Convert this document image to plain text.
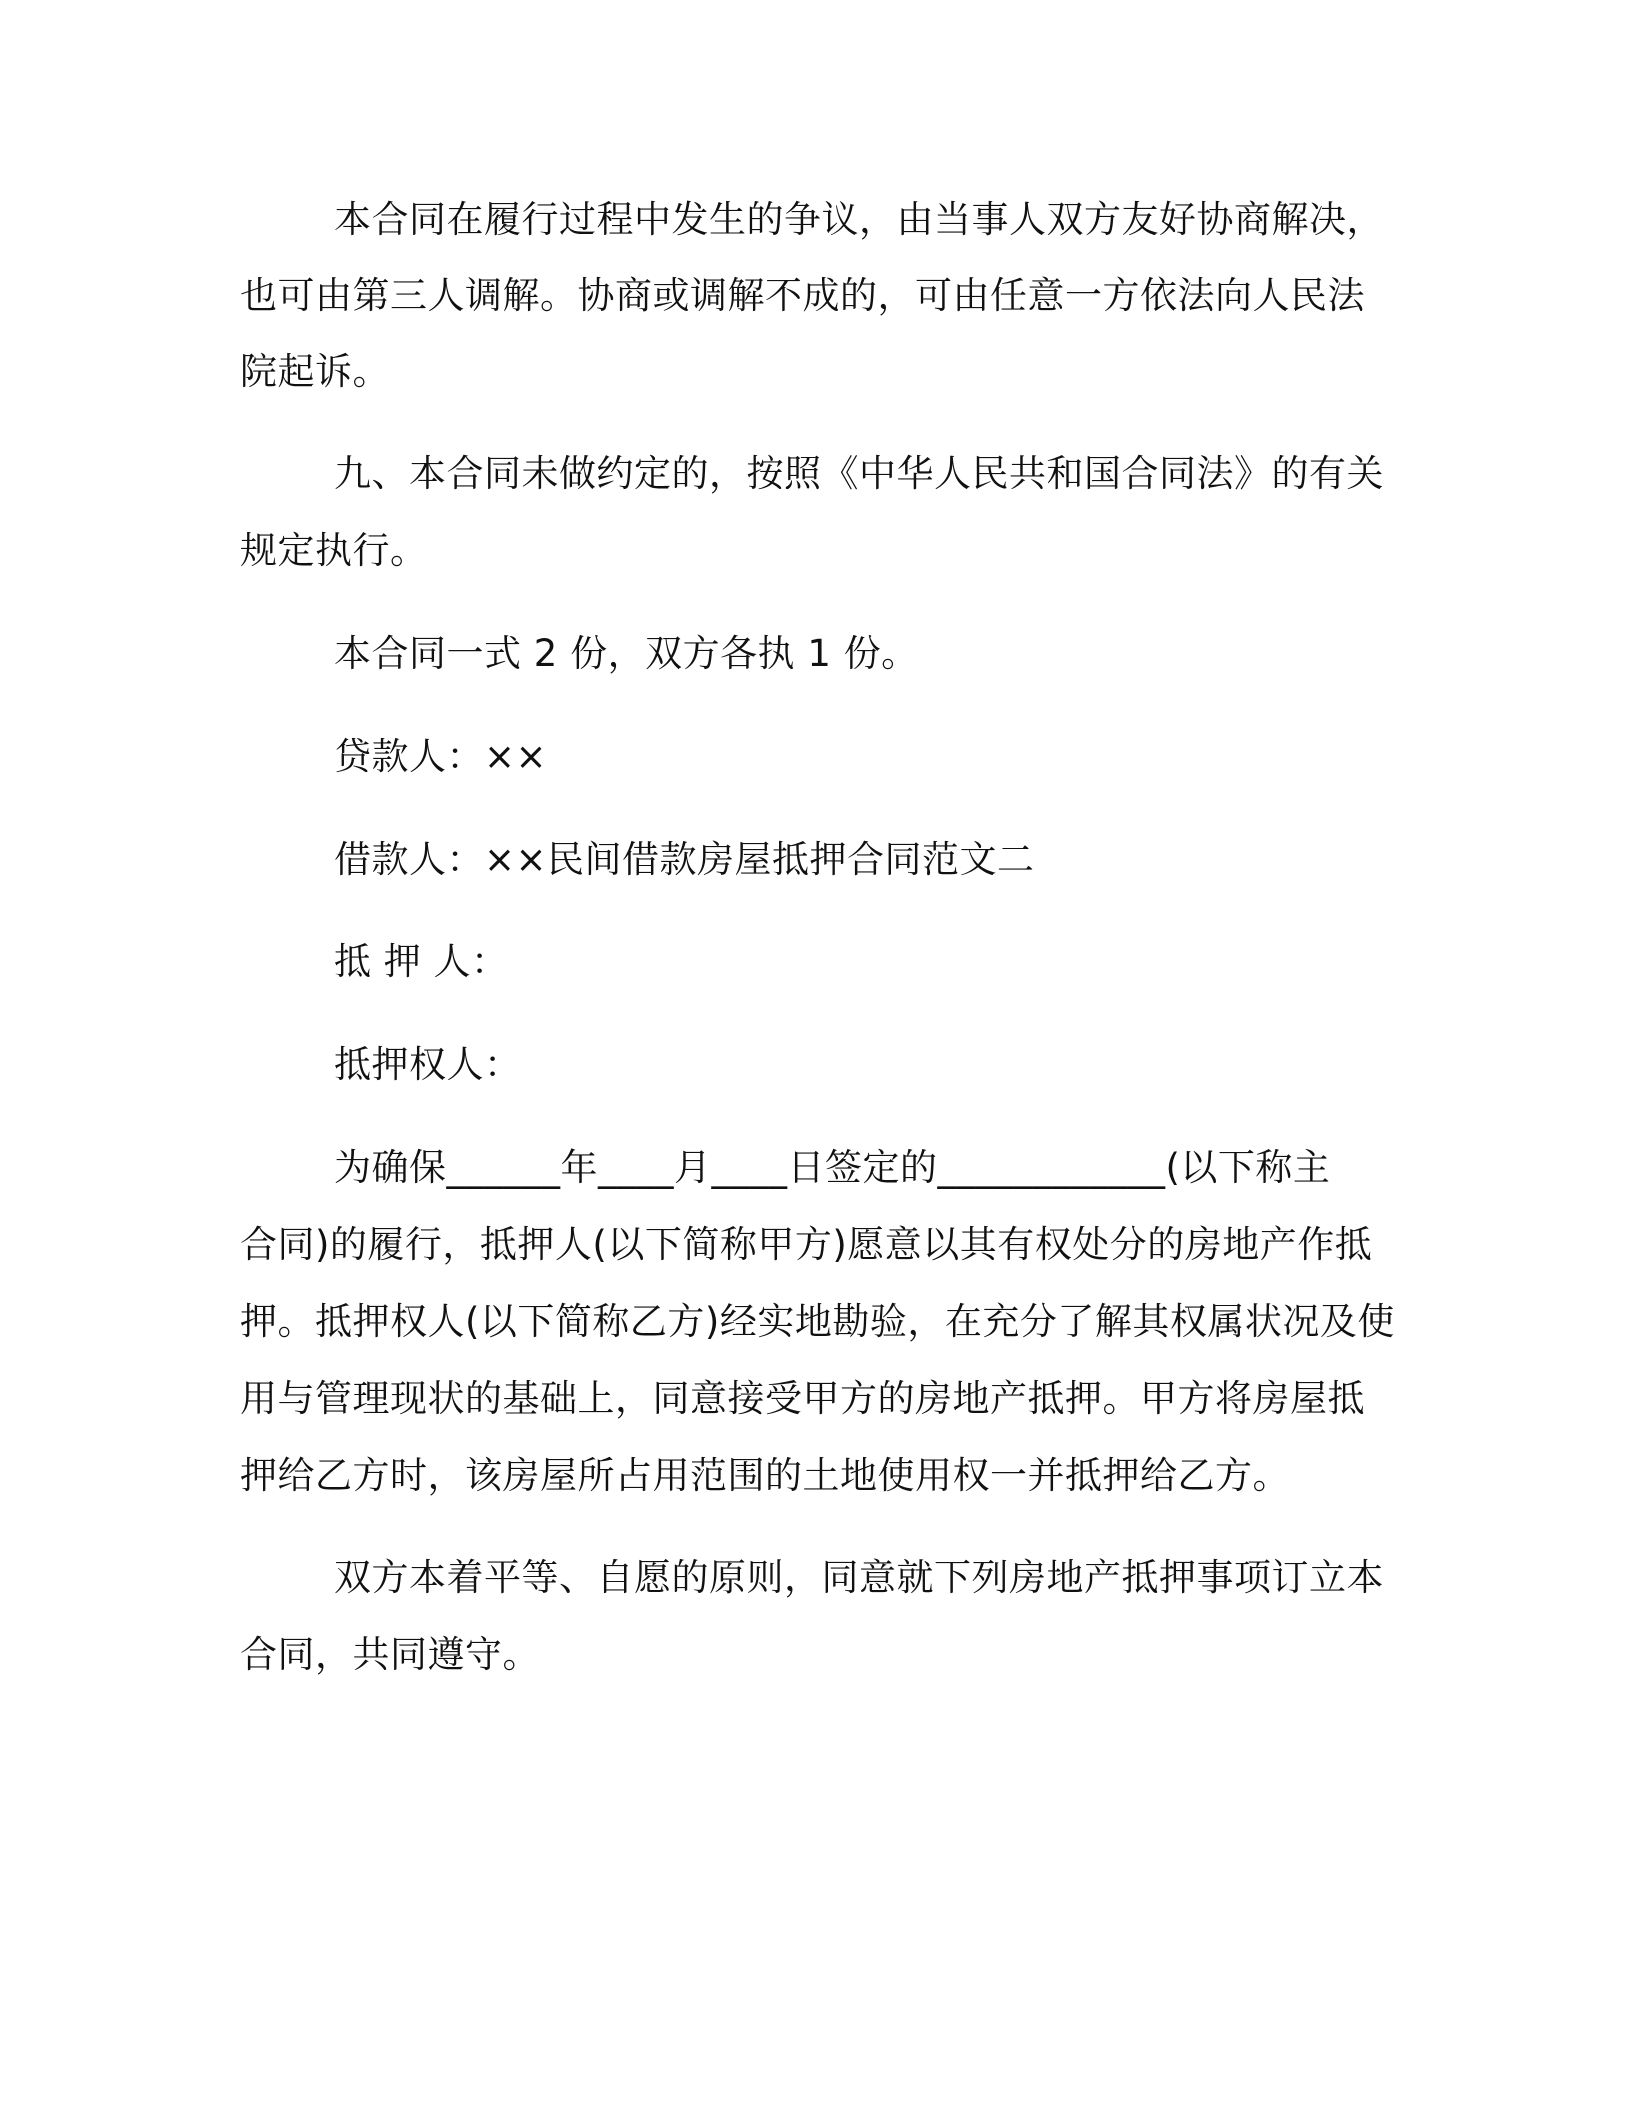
本合同在履行过程中发生的争议，由当事人双方友好协商解决，
也可由第三人调解。协商或调解不成的，可由任意一方依法向人民法
院起诉。
九、本合同未做约定的，按照《中华人民共和国合同法》的有关
规定执行。
本合同一式 2 份，双方各执 1 份。
贷款人：××
借款人：××民间借款房屋抵押合同范文二
抵 押 人：
抵押权人：
为确保______年____月____日签定的____________(以下称主
合同)的履行，抵押人(以下简称甲方)愿意以其有权处分的房地产作抵
押。抵押权人(以下简称乙方)经实地勘验，在充分了解其权属状况及使
用与管理现状的基础上，同意接受甲方的房地产抵押。甲方将房屋抵
押给乙方时，该房屋所占用范围的土地使用权一并抵押给乙方。
双方本着平等、自愿的原则，同意就下列房地产抵押事项订立本
合同，共同遵守。
